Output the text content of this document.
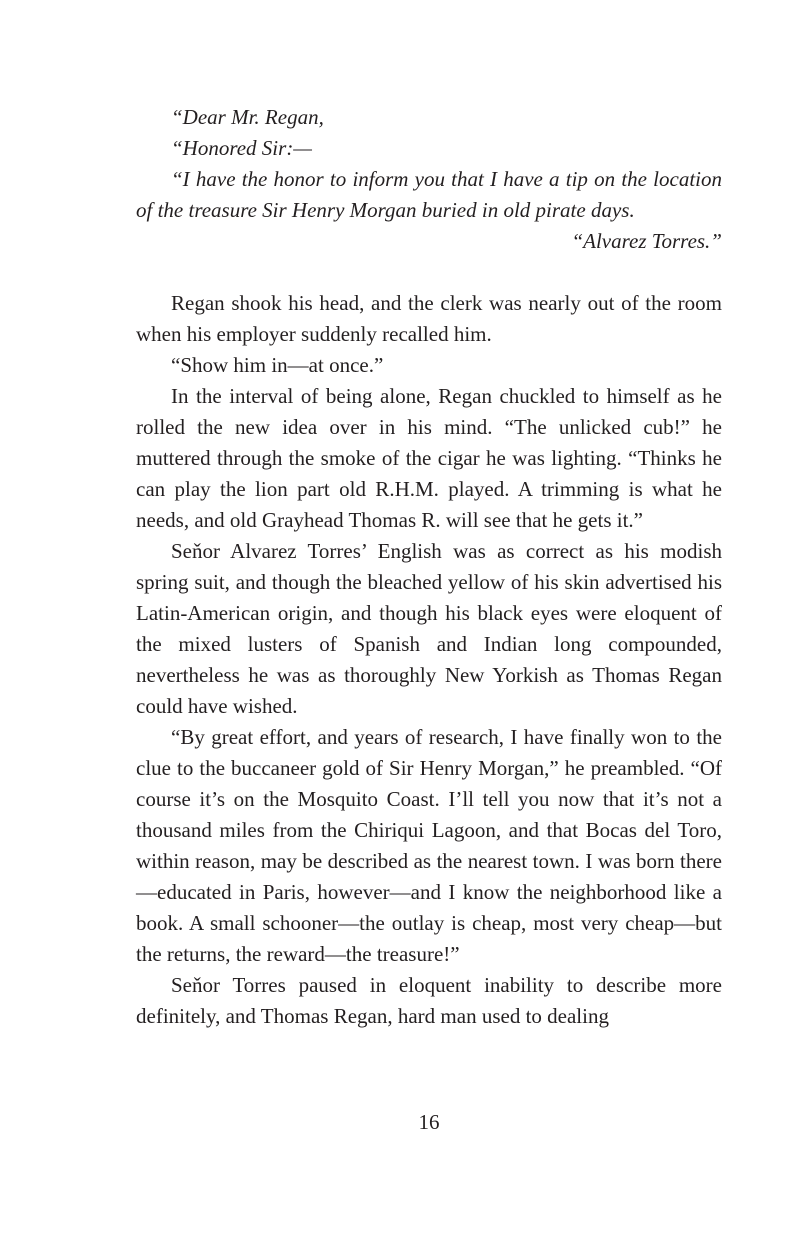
“Dear Mr. Regan,

“Honored Sir:—

“I have the honor to inform you that I have a tip on the location of the treasure Sir Henry Morgan buried in old pirate days.

“Alvarez Torres.”

Regan shook his head, and the clerk was nearly out of the room when his employer suddenly recalled him.

“Show him in—at once.”

In the interval of being alone, Regan chuckled to himself as he rolled the new idea over in his mind. “The unlicked cub!” he muttered through the smoke of the cigar he was lighting. “Thinks he can play the lion part old R.H.M. played. A trimming is what he needs, and old Grayhead Thomas R. will see that he gets it.”

Seňor Alvarez Torres’ English was as correct as his modish spring suit, and though the bleached yellow of his skin advertised his Latin-American origin, and though his black eyes were eloquent of the mixed lusters of Spanish and Indian long compounded, nevertheless he was as thoroughly New Yorkish as Thomas Regan could have wished.

“By great effort, and years of research, I have finally won to the clue to the buccaneer gold of Sir Henry Morgan,” he preambled. “Of course it’s on the Mosquito Coast. I’ll tell you now that it’s not a thousand miles from the Chiriqui Lagoon, and that Bocas del Toro, within reason, may be described as the nearest town. I was born there—educated in Paris, however—and I know the neighborhood like a book. A small schooner—the outlay is cheap, most very cheap—but the returns, the reward—the treasure!”

Seňor Torres paused in eloquent inability to describe more definitely, and Thomas Regan, hard man used to dealing

16
